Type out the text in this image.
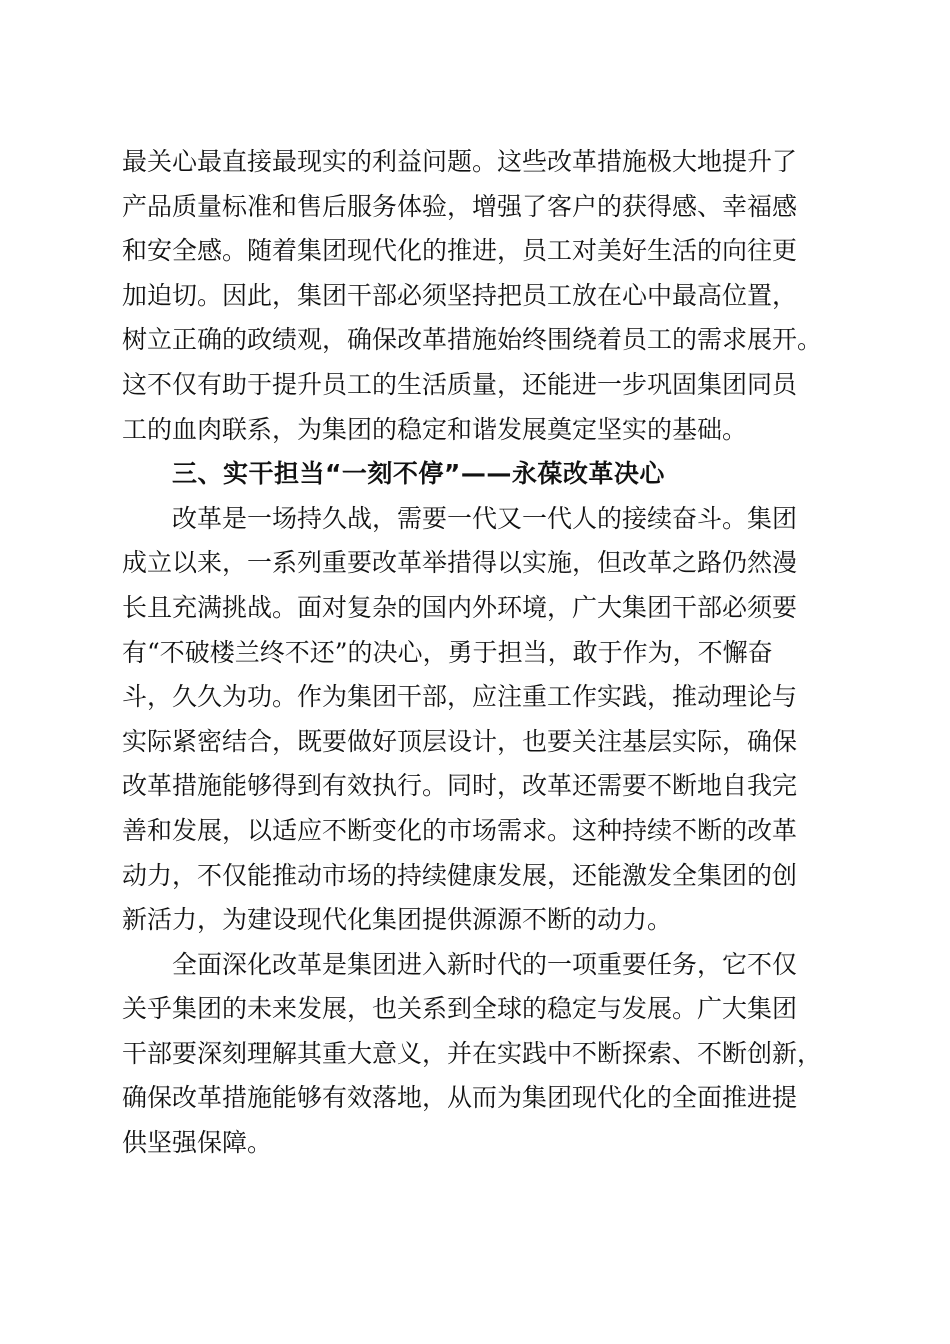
最关心最直接最现实的利益问题。这些改革措施极大地提升了
产品质量标准和售后服务体验，增强了客户的获得感、幸福感
和安全感。随着集团现代化的推进，员工对美好生活的向往更
加迫切。因此，集团干部必须坚持把员工放在心中最高位置，
树立正确的政绩观，确保改革措施始终围绕着员工的需求展开。
这不仅有助于提升员工的生活质量，还能进一步巩固集团同员
工的血肉联系，为集团的稳定和谐发展奠定坚实的基础。
三、实干担当“一刻不停”——永葆改革决心
改革是一场持久战，需要一代又一代人的接续奋斗。集团
成立以来，一系列重要改革举措得以实施，但改革之路仍然漫
长且充满挑战。面对复杂的国内外环境，广大集团干部必须要
有“不破楼兰终不还”的决心，勇于担当，敢于作为，不懈奋
斗，久久为功。作为集团干部，应注重工作实践，推动理论与
实际紧密结合，既要做好顶层设计，也要关注基层实际，确保
改革措施能够得到有效执行。同时，改革还需要不断地自我完
善和发展，以适应不断变化的市场需求。这种持续不断的改革
动力，不仅能推动市场的持续健康发展，还能激发全集团的创
新活力，为建设现代化集团提供源源不断的动力。
全面深化改革是集团进入新时代的一项重要任务，它不仅
关乎集团的未来发展，也关系到全球的稳定与发展。广大集团
干部要深刻理解其重大意义，并在实践中不断探索、不断创新，
确保改革措施能够有效落地，从而为集团现代化的全面推进提
供坚强保障。
